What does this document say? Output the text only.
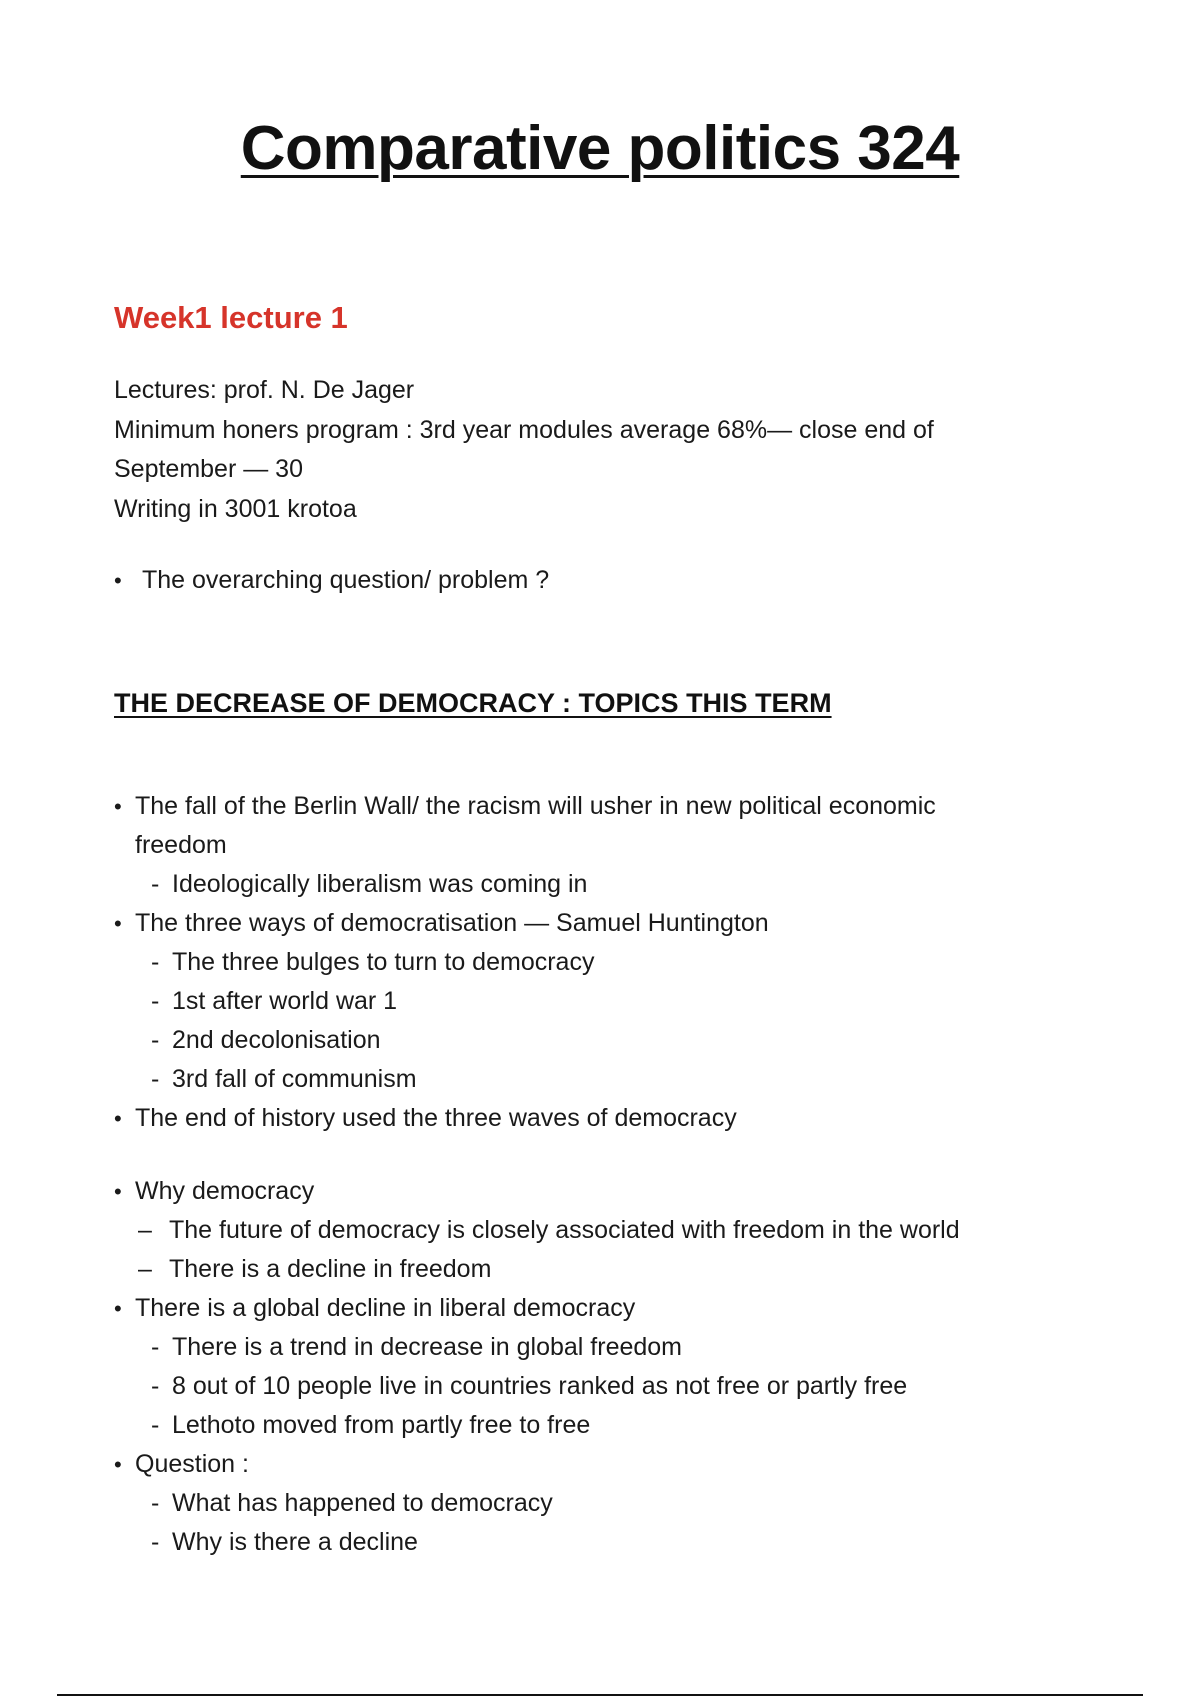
Comparative politics 324
Week1 lecture 1
Lectures: prof. N. De Jager
Minimum honers program : 3rd year modules average 68%— close end of
September — 30
Writing in 3001 krotoa
• The overarching question/ problem ?
THE DECREASE OF DEMOCRACY : TOPICS THIS TERM
• The fall of the Berlin Wall/ the racism will usher in new political economic
freedom
- Ideologically liberalism was coming in
• The three ways of democratisation — Samuel Huntington
- The three bulges to turn to democracy
- 1st after world war 1
- 2nd decolonisation
- 3rd fall of communism
• The end of history used the three waves of democracy
• Why democracy
– The future of democracy is closely associated with freedom in the world
– There is a decline in freedom
• There is a global decline in liberal democracy
- There is a trend in decrease in global freedom
- 8 out of 10 people live in countries ranked as not free or partly free
- Lethoto moved from partly free to free
• Question :
- What has happened to democracy
- Why is there a decline
